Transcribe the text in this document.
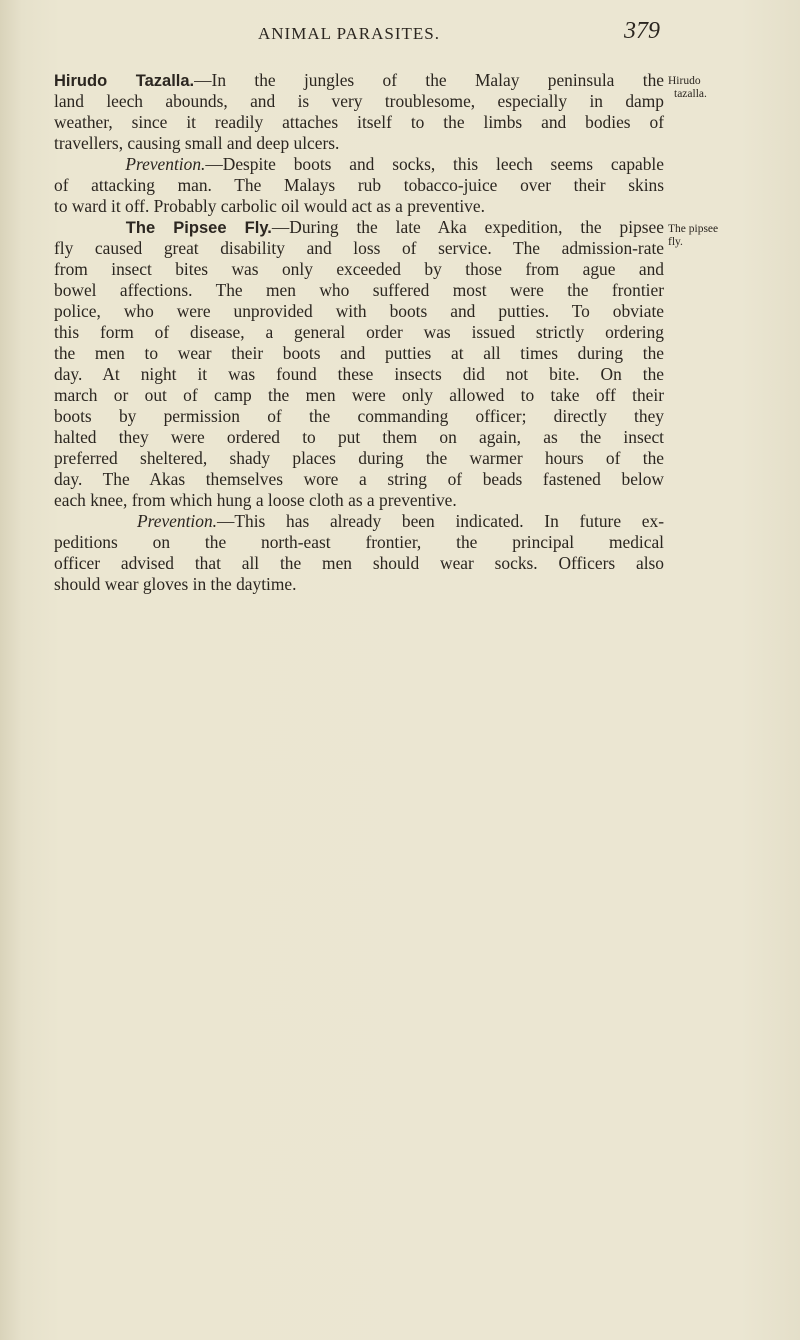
ANIMAL PARASITES.	379
Hirudo Tazalla.—In the jungles of the Malay peninsula the
land leech abounds, and is very troublesome, especially in damp
weather, since it readily attaches itself to the limbs and bodies of
travellers, causing small and deep ulcers.
Prevention.—Despite boots and socks, this leech seems capable
of attacking man. The Malays rub tobacco-juice over their skins
to ward it off. Probably carbolic oil would act as a preventive.
The Pipsee Fly.—During the late Aka expedition, the pipsee
fly caused great disability and loss of service. The admission-rate
from insect bites was only exceeded by those from ague and
bowel affections. The men who suffered most were the frontier
police, who were unprovided with boots and putties. To obviate
this form of disease, a general order was issued strictly ordering
the men to wear their boots and putties at all times during the
day. At night it was found these insects did not bite. On the
march or out of camp the men were only allowed to take off their
boots by permission of the commanding officer; directly they
halted they were ordered to put them on again, as the insect
preferred sheltered, shady places during the warmer hours of the
day. The Akas themselves wore a string of beads fastened below
each knee, from which hung a loose cloth as a preventive.
Prevention.—This has already been indicated. In future ex-
peditions on the north-east frontier, the principal medical
officer advised that all the men should wear socks. Officers also
should wear gloves in the daytime.
Hirudo
tazalla.
The pipsee
fly.
